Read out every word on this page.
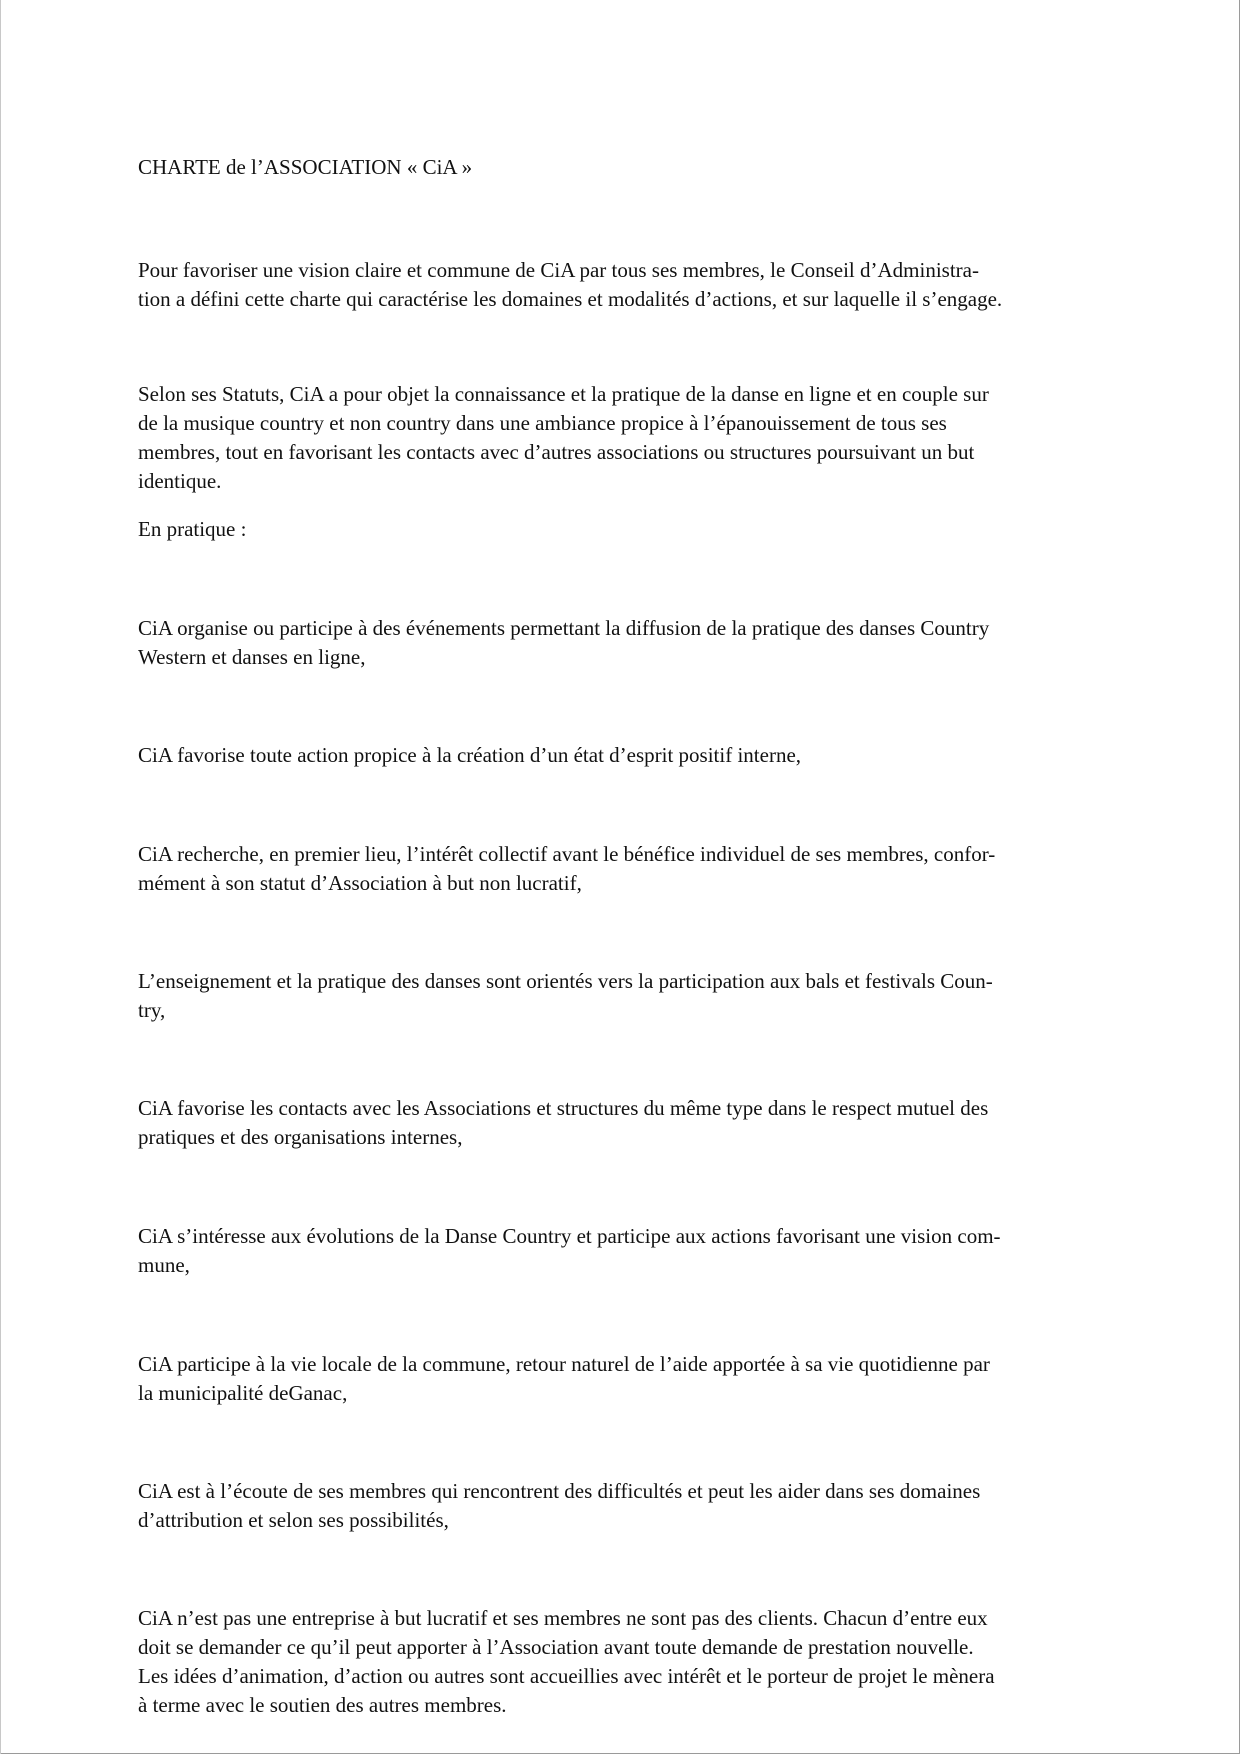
CHARTE de l’ASSOCIATION « CiA »

Pour favoriser une vision claire et commune de CiA par tous ses membres, le Conseil d’Administra-
tion a défini cette charte qui caractérise les domaines et modalités d’actions, et sur laquelle il s’engage.

Selon ses Statuts, CiA a pour objet la connaissance et la pratique de la danse en ligne et en couple sur
de la musique country et non country dans une ambiance propice à l’épanouissement de tous ses
membres, tout en favorisant les contacts avec d’autres associations ou structures poursuivant un but
identique.

En pratique :

CiA organise ou participe à des événements permettant la diffusion de la pratique des danses Country
Western et danses en ligne,

CiA favorise toute action propice à la création d’un état d’esprit positif interne,

CiA recherche, en premier lieu, l’intérêt collectif avant le bénéfice individuel de ses membres, confor-
mément à son statut d’Association à but non lucratif,

L’enseignement et la pratique des danses sont orientés vers la participation aux bals et festivals Coun-
try,

CiA favorise les contacts avec les Associations et structures du même type dans le respect mutuel des
pratiques et des organisations internes,

CiA s’intéresse aux évolutions de la Danse Country et participe aux actions favorisant une vision com-
mune,

CiA participe à la vie locale de la commune, retour naturel de l’aide apportée à sa vie quotidienne par
la municipalité deGanac,

CiA est à l’écoute de ses membres qui rencontrent des difficultés et peut les aider dans ses domaines
d’attribution et selon ses possibilités,

CiA n’est pas une entreprise à but lucratif et ses membres ne sont pas des clients. Chacun d’entre eux
doit se demander ce qu’il peut apporter à l’Association avant toute demande de prestation nouvelle.
Les idées d’animation, d’action ou autres sont accueillies avec intérêt et le porteur de projet le mènera
à terme avec le soutien des autres membres.
